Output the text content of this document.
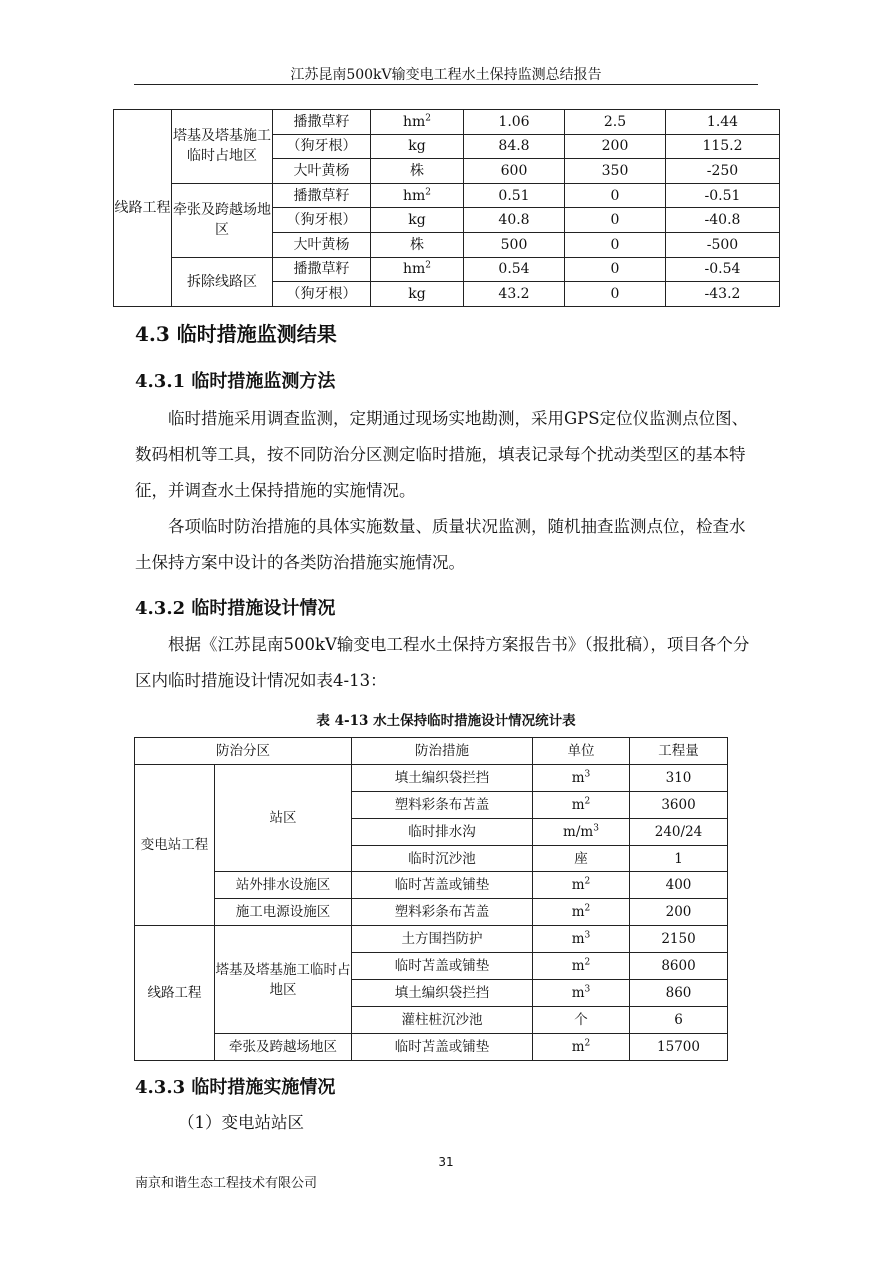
江苏昆南500kV输变电工程水土保持监测总结报告
线路工程	塔基及塔基施工临时占地区	播撒草籽	$hm^2$	1.06	2.5	1.44
		（狗牙根）	kg	84.8	200	115.2
		大叶黄杨	株	600	350	-250
	牵张及跨越场地区	播撒草籽	$hm^2$	0.51	0	-0.51
		（狗牙根）	kg	40.8	0	-40.8
		大叶黄杨	株	500	0	-500
	拆除线路区	播撒草籽	$hm^2$	0.54	0	-0.54
		（狗牙根）	kg	43.2	0	-43.2
4.3 临时措施监测结果
4.3.1 临时措施监测方法

临时措施采用调查监测，定期通过现场实地勘测，采用GPS定位仪监测点位图、数码相机等工具，按不同防治分区测定临时措施，填表记录每个扰动类型区的基本特征，并调查水土保持措施的实施情况。

各项临时防治措施的具体实施数量、质量状况监测，随机抽查监测点位，检查水土保持方案中设计的各类防治措施实施情况。

4.3.2 临时措施设计情况

根据《江苏昆南500kV输变电工程水土保持方案报告书》（报批稿），项目各个分区内临时措施设计情况如表4-13：

表 4-13 水土保持临时措施设计情况统计表
防治分区		防治措施	单位	工程量
变电站工程	站区	填土编织袋拦挡	$m^3$	310
		塑料彩条布苫盖	$m^2$	3600
		临时排水沟	$m/m^3$	240/24
		临时沉沙池	座	1
	站外排水设施区	临时苫盖或铺垫	$m^2$	400
	施工电源设施区	塑料彩条布苫盖	$m^2$	200
线路工程	塔基及塔基施工临时占地区	土方围挡防护	$m^3$	2150
		临时苫盖或铺垫	$m^2$	8600
		填土编织袋拦挡	$m^3$	860
		灌柱桩沉沙池	个	6
	牵张及跨越场地区	临时苫盖或铺垫	$m^2$	15700
4.3.3 临时措施实施情况
（1）变电站站区
31
南京和谐生态工程技术有限公司
